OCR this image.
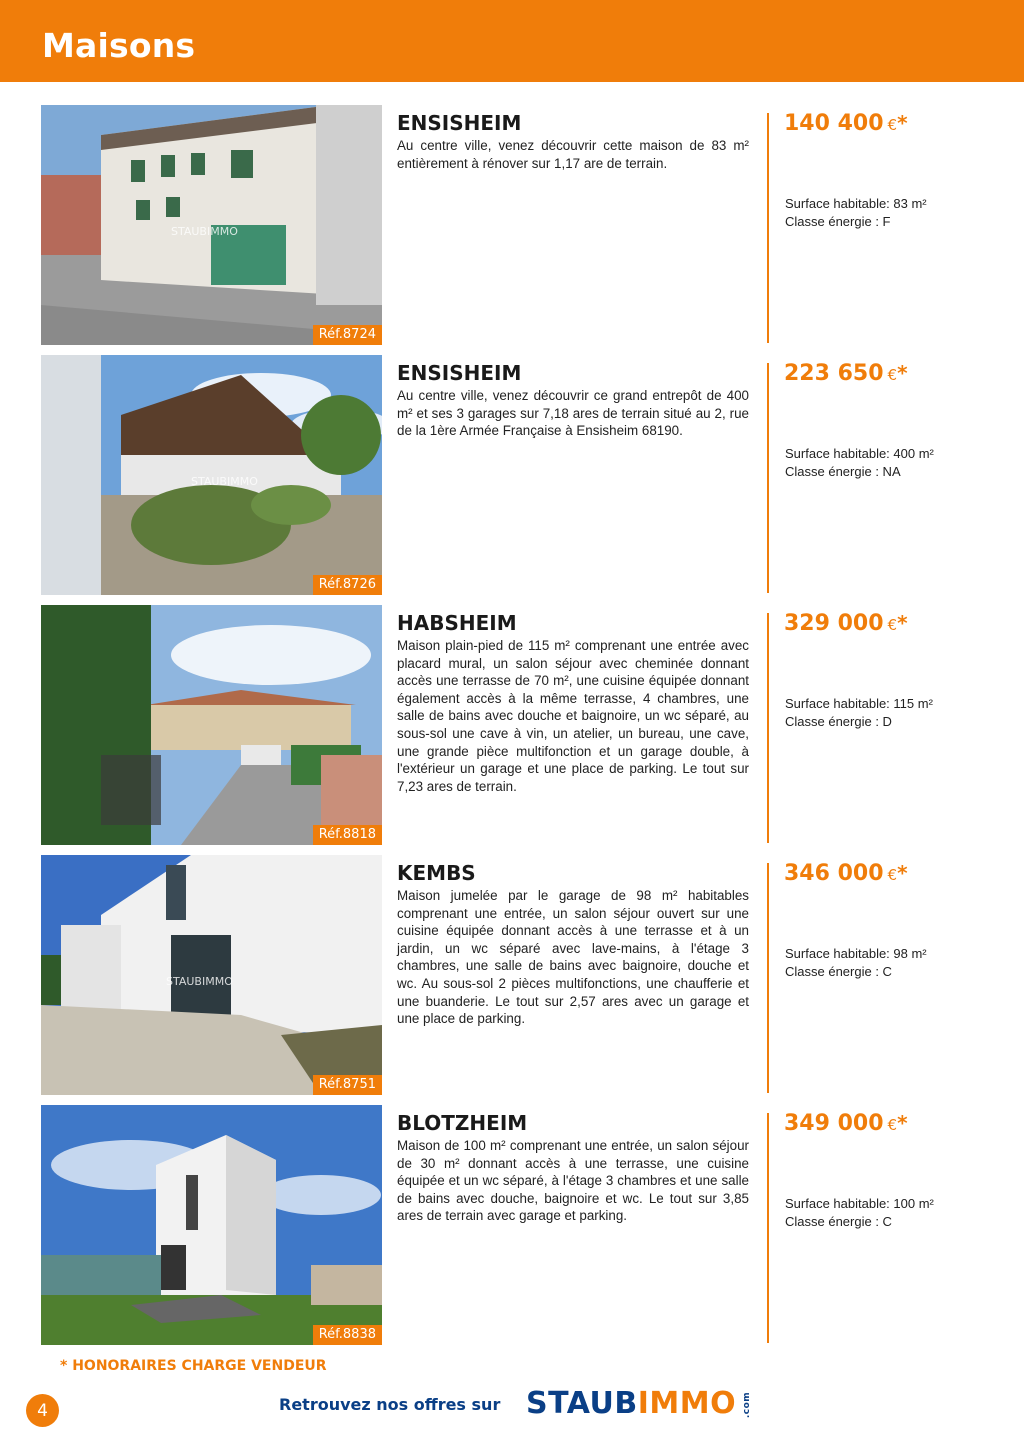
Maisons
STAUBIMMO
Réf.8724
ENSISHEIM

Au centre ville, venez découvrir cette maison de 83 m² entièrement à rénover sur 1,17 are de terrain.

140 400 €*
Surface habitable: 83 m²
Classe énergie : F
STAUBIMMO
Réf.8726
ENSISHEIM

Au centre ville, venez découvrir ce grand entrepôt de 400 m² et ses 3 garages sur 7,18 ares de terrain situé au 2, rue de la 1ère Armée Française à Ensisheim 68190.

223 650 €*
Surface habitable: 400 m²
Classe énergie : NA
Réf.8818
HABSHEIM

Maison plain-pied de 115 m² comprenant une entrée avec placard mural, un salon séjour avec cheminée donnant accès une terrasse de 70 m², une cuisine équipée donnant également accès à la même terrasse, 4 chambres, une salle de bains avec douche et baignoire, un wc séparé, au sous-sol une cave à vin, un atelier, un bureau, une cave, une grande pièce multifonction et un garage double, à l'extérieur un garage et une place de parking. Le tout sur 7,23 ares de terrain.

329 000 €*
Surface habitable: 115 m²
Classe énergie : D
STAUBIMMO
Réf.8751
KEMBS

Maison jumelée par le garage de 98 m² habitables comprenant une entrée, un salon séjour ouvert sur une cuisine équipée donnant accès à une terrasse et à un jardin, un wc séparé avec lave-mains, à l'étage 3 chambres, une salle de bains avec baignoire, douche et wc. Au sous-sol 2 pièces multifonctions, une chaufferie et une buanderie. Le tout sur 2,57 ares avec un garage et une place de parking.

346 000 €*
Surface habitable: 98 m²
Classe énergie : C
Réf.8838
BLOTZHEIM

Maison de 100 m² comprenant une entrée, un salon séjour de 30 m² donnant accès à une terrasse, une cuisine équipée et un wc séparé, à l'étage 3 chambres et une salle de bains avec douche, baignoire et wc. Le tout sur 3,85 ares de terrain avec garage et parking.

349 000 €*
Surface habitable: 100 m²
Classe énergie : C
* HONORAIRES CHARGE VENDEUR
4	Retrouvez nos offres sur STAUBIMMO .com
